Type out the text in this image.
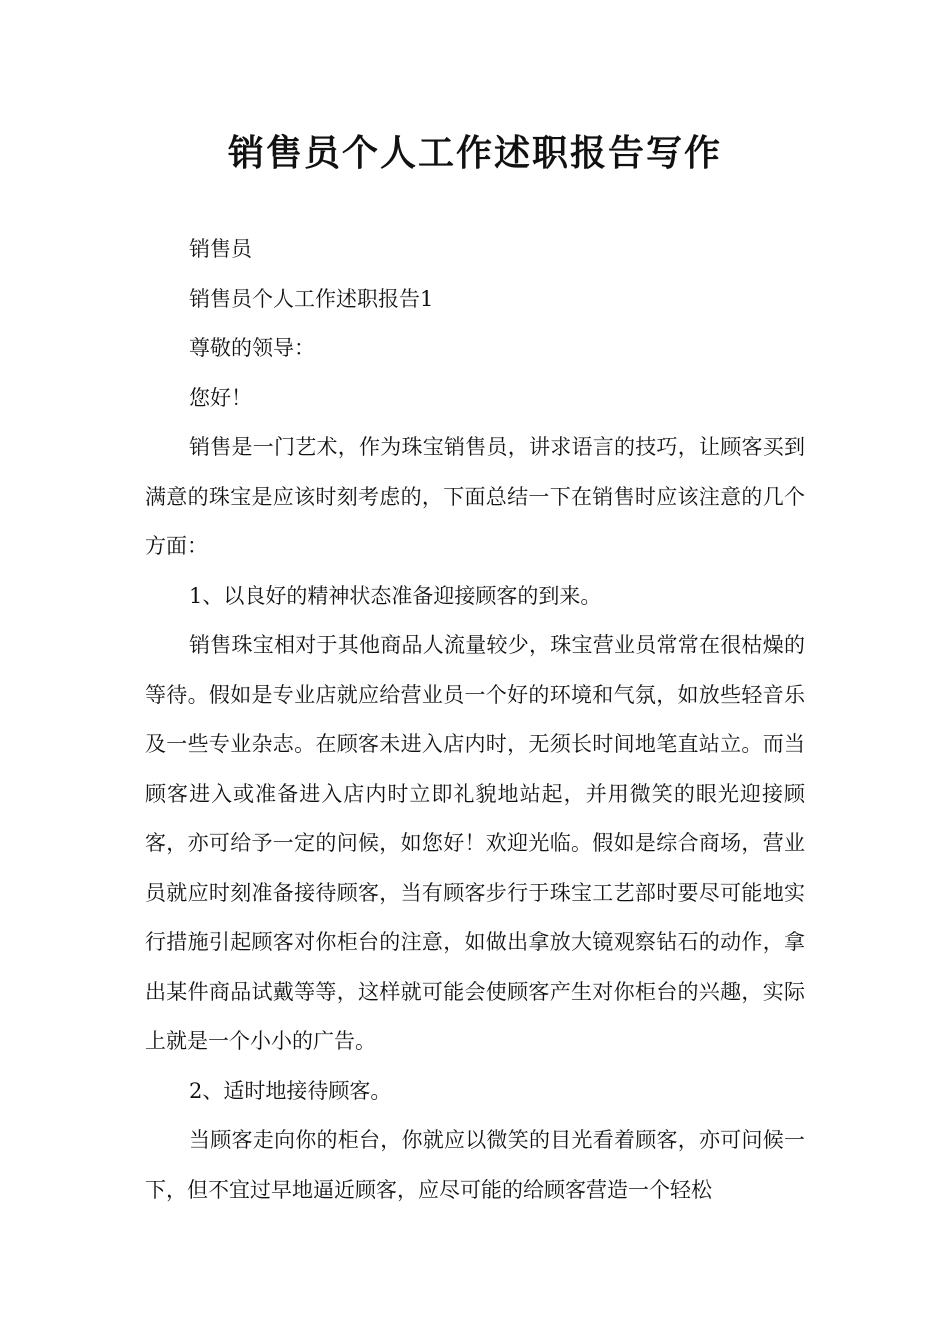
销售员个人工作述职报告写作

销售员

销售员个人工作述职报告1

尊敬的领导：

您好！

销售是一门艺术，作为珠宝销售员，讲求语言的技巧，让顾客买到满意的珠宝是应该时刻考虑的，下面总结一下在销售时应该注意的几个方面：

1、以良好的精神状态准备迎接顾客的到来。

销售珠宝相对于其他商品人流量较少，珠宝营业员常常在很枯燥的等待。假如是专业店就应给营业员一个好的环境和气氛，如放些轻音乐及一些专业杂志。在顾客未进入店内时，无须长时间地笔直站立。而当顾客进入或准备进入店内时立即礼貌地站起，并用微笑的眼光迎接顾客，亦可给予一定的问候，如您好！欢迎光临。假如是综合商场，营业员就应时刻准备接待顾客，当有顾客步行于珠宝工艺部时要尽可能地实行措施引起顾客对你柜台的注意，如做出拿放大镜观察钻石的动作，拿出某件商品试戴等等，这样就可能会使顾客产生对你柜台的兴趣，实际上就是一个小小的广告。

2、适时地接待顾客。

当顾客走向你的柜台，你就应以微笑的目光看着顾客，亦可问候一下，但不宜过早地逼近顾客，应尽可能的给顾客营造一个轻松
